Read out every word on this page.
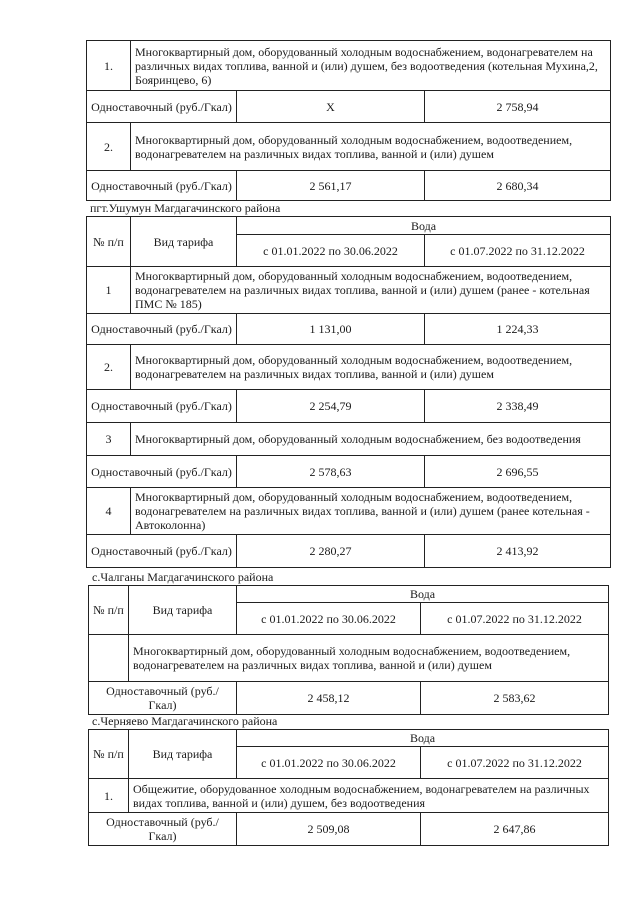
1.	Многоквартирный дом, оборудованный холодным водоснабжением, водонагревателем на различных видах топлива, ванной и (или) душем, без водоотведения (котельная Мухина,2, Бояринцево, 6)		
Одноставочный (руб./Гкал)		Х	2 758,94
2.	Многоквартирный дом, оборудованный холодным водоснабжением, водоотведением, водонагревателем на различных видах топлива, ванной и (или) душем		
Одноставочный (руб./Гкал)		2 561,17	2 680,34
пгт.Ушумун Магдагачинского района
№ п/п	Вид тарифа	Вода	
		с 01.01.2022 по 30.06.2022	с 01.07.2022 по 31.12.2022
1	Многоквартирный дом, оборудованный холодным водоснабжением, водоотведением, водонагревателем на различных видах топлива, ванной и (или) душем (ранее - котельная ПМС № 185)		
Одноставочный (руб./Гкал)		1 131,00	1 224,33
2.	Многоквартирный дом, оборудованный холодным водоснабжением, водоотведением, водонагревателем на различных видах топлива, ванной и (или) душем		
Одноставочный (руб./Гкал)		2 254,79	2 338,49
3	Многоквартирный дом, оборудованный холодным водоснабжением, без водоотведения		
Одноставочный (руб./Гкал)		2 578,63	2 696,55
4	Многоквартирный дом, оборудованный холодным водоснабжением, водоотведением, водонагревателем на различных видах топлива, ванной и (или) душем (ранее котельная - Автоколонна)		
Одноставочный (руб./Гкал)		2 280,27	2 413,92
с.Чалганы Магдагачинского района
№ п/п	Вид тарифа	Вода	
		с 01.01.2022 по 30.06.2022	с 01.07.2022 по 31.12.2022
	Многоквартирный дом, оборудованный холодным водоснабжением, водоотведением, водонагревателем на различных видах топлива, ванной и (или) душем		
Одноставочный (руб./Гкал)		2 458,12	2 583,62
с.Черняево Магдагачинского района
№ п/п	Вид тарифа	Вода	
		с 01.01.2022 по 30.06.2022	с 01.07.2022 по 31.12.2022
1.	Общежитие, оборудованное холодным водоснабжением, водонагревателем на различных видах топлива, ванной и (или) душем, без водоотведения		
Одноставочный (руб./Гкал)		2 509,08	2 647,86
